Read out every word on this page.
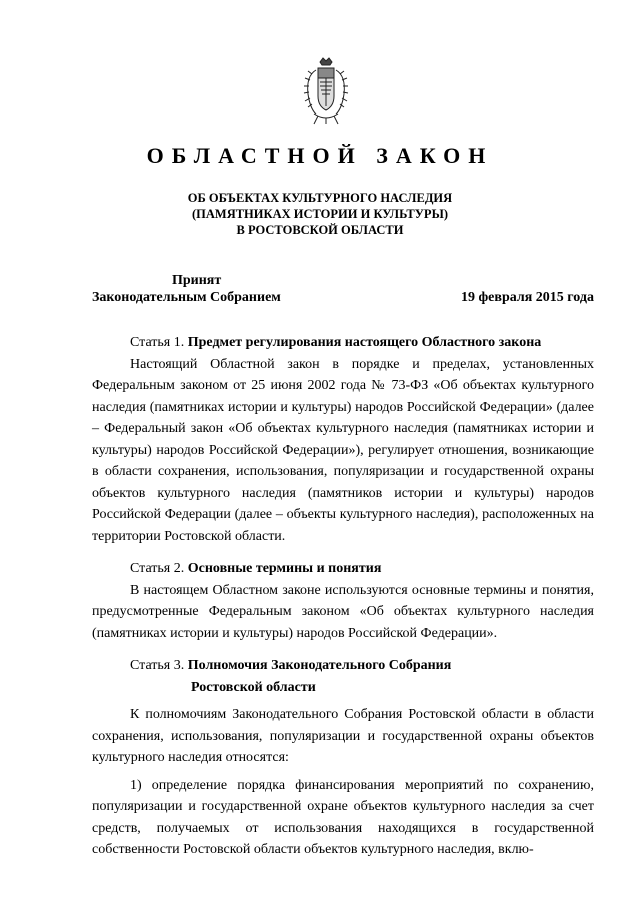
ОБЛАСТНОЙ ЗАКОН
ОБ ОБЪЕКТАХ КУЛЬТУРНОГО НАСЛЕДИЯ
(ПАМЯТНИКАХ ИСТОРИИ И КУЛЬТУРЫ)
В РОСТОВСКОЙ ОБЛАСТИ
Принят
Законодательным Собранием	19 февраля 2015 года

Статья 1. Предмет регулирования настоящего Областного закона

Настоящий Областной закон в порядке и пределах, установленных Федеральным законом от 25 июня 2002 года № 73-ФЗ «Об объектах культурного наследия (памятниках истории и культуры) народов Российской Федерации» (далее – Федеральный закон «Об объектах культурного наследия (памятниках истории и культуры) народов Российской Федерации»), регулирует отношения, возникающие в области сохранения, использования, популяризации и государственной охраны объектов культурного наследия (памятников истории и культуры) народов Российской Федерации (далее – объекты культурного наследия), расположенных на территории Ростовской области.

Статья 2. Основные термины и понятия

В настоящем Областном законе используются основные термины и понятия, предусмотренные Федеральным законом «Об объектах культурного наследия (памятниках истории и культуры) народов Российской Федерации».

Статья 3. Полномочия Законодательного Собрания
Ростовской области

К полномочиям Законодательного Собрания Ростовской области в области сохранения, использования, популяризации и государственной охраны объектов культурного наследия относятся:

1) определение порядка финансирования мероприятий по сохранению, популяризации и государственной охране объектов культурного наследия за счет средств, получаемых от использования находящихся в государственной собственности Ростовской области объектов культурного наследия, вклю-
